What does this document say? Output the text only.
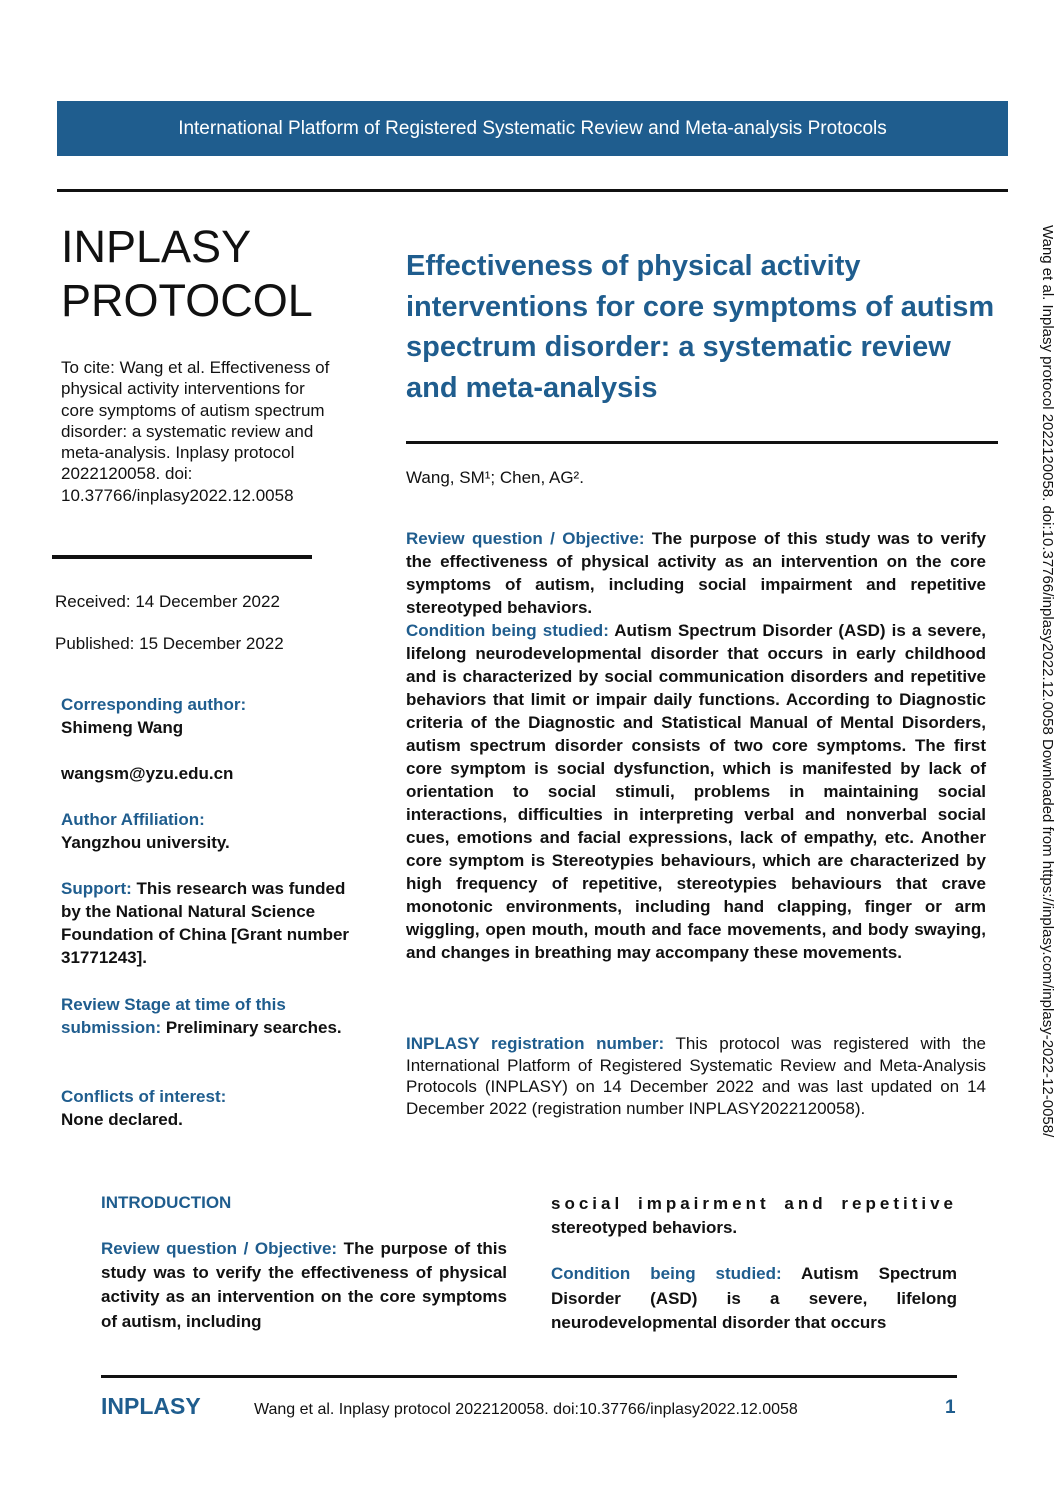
International Platform of Registered Systematic Review and Meta-analysis Protocols
INPLASY
PROTOCOL
To cite: Wang et al. Effectiveness of physical activity interventions for core symptoms of autism spectrum disorder: a systematic review and meta-analysis. Inplasy protocol 2022120058. doi: 10.37766/inplasy2022.12.0058
Received: 14 December 2022
Published: 15 December 2022
Corresponding author:
Shimeng Wang
wangsm@yzu.edu.cn
Author Affiliation:
Yangzhou university.
Support: This research was funded by the National Natural Science Foundation of China [Grant number 31771243].
Review Stage at time of this submission: Preliminary searches.
Conflicts of interest:
None declared.
Effectiveness of physical activity interventions for core symptoms of autism spectrum disorder: a systematic review and meta-analysis
Wang, SM¹; Chen, AG².
Review question / Objective: The purpose of this study was to verify the effectiveness of physical activity as an intervention on the core symptoms of autism, including social impairment and repetitive stereotyped behaviors.
Condition being studied: Autism Spectrum Disorder (ASD) is a severe, lifelong neurodevelopmental disorder that occurs in early childhood and is characterized by social communication disorders and repetitive behaviors that limit or impair daily functions. According to Diagnostic criteria of the Diagnostic and Statistical Manual of Mental Disorders, autism spectrum disorder consists of two core symptoms. The first core symptom is social dysfunction, which is manifested by lack of orientation to social stimuli, problems in maintaining social interactions, difficulties in interpreting verbal and nonverbal social cues, emotions and facial expressions, lack of empathy, etc. Another core symptom is Stereotypies behaviours, which are characterized by high frequency of repetitive, stereotypies behaviours that crave monotonic environments, including hand clapping, finger or arm wiggling, open mouth, mouth and face movements, and body swaying, and changes in breathing may accompany these movements.
INPLASY registration number: This protocol was registered with the International Platform of Registered Systematic Review and Meta-Analysis Protocols (INPLASY) on 14 December 2022 and was last updated on 14 December 2022 (registration number INPLASY2022120058).
INTRODUCTION
Review question / Objective: The purpose of this study was to verify the effectiveness of physical activity as an intervention on the core symptoms of autism, including
social impairment and repetitive
stereotyped behaviors.
Condition being studied: Autism Spectrum Disorder (ASD) is a severe, lifelong neurodevelopmental disorder that occurs
INPLASY	Wang et al. Inplasy protocol 2022120058. doi:10.37766/inplasy2022.12.0058	1
Wang et al. Inplasy protocol 2022120058. doi:10.37766/inplasy2022.12.0058 Downloaded from https://inplasy.com/inplasy-2022-12-0058/
